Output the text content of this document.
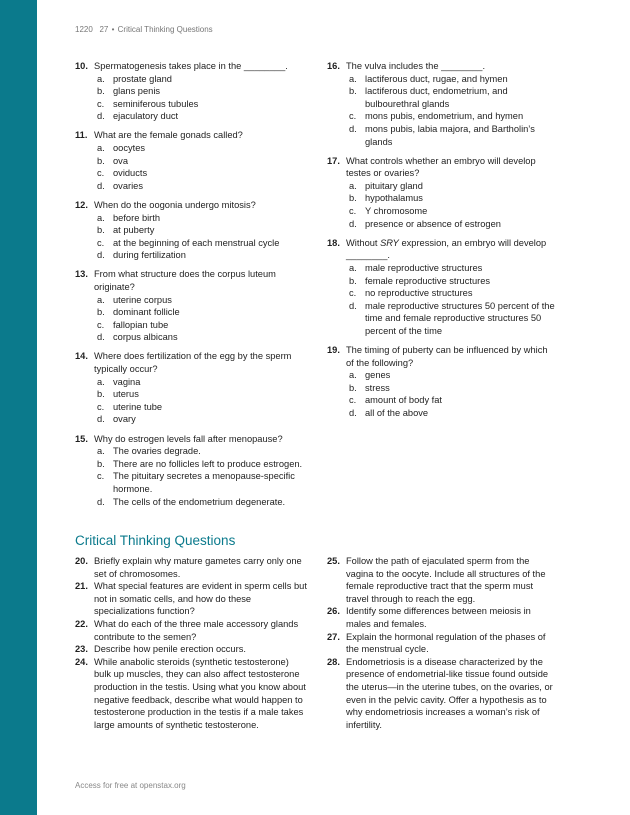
1220 27 • Critical Thinking Questions
10. Spermatogenesis takes place in the ________.
a. prostate gland
b. glans penis
c. seminiferous tubules
d. ejaculatory duct
11. What are the female gonads called?
a. oocytes
b. ova
c. oviducts
d. ovaries
12. When do the oogonia undergo mitosis?
a. before birth
b. at puberty
c. at the beginning of each menstrual cycle
d. during fertilization
13. From what structure does the corpus luteum originate?
a. uterine corpus
b. dominant follicle
c. fallopian tube
d. corpus albicans
14. Where does fertilization of the egg by the sperm typically occur?
a. vagina
b. uterus
c. uterine tube
d. ovary
15. Why do estrogen levels fall after menopause?
a. The ovaries degrade.
b. There are no follicles left to produce estrogen.
c. The pituitary secretes a menopause-specific hormone.
d. The cells of the endometrium degenerate.
16. The vulva includes the ________.
a. lactiferous duct, rugae, and hymen
b. lactiferous duct, endometrium, and bulbourethral glands
c. mons pubis, endometrium, and hymen
d. mons pubis, labia majora, and Bartholin’s glands
17. What controls whether an embryo will develop testes or ovaries?
a. pituitary gland
b. hypothalamus
c. Y chromosome
d. presence or absence of estrogen
18. Without SRY expression, an embryo will develop ________.
a. male reproductive structures
b. female reproductive structures
c. no reproductive structures
d. male reproductive structures 50 percent of the time and female reproductive structures 50 percent of the time
19. The timing of puberty can be influenced by which of the following?
a. genes
b. stress
c. amount of body fat
d. all of the above
Critical Thinking Questions
20. Briefly explain why mature gametes carry only one set of chromosomes.
21. What special features are evident in sperm cells but not in somatic cells, and how do these specializations function?
22. What do each of the three male accessory glands contribute to the semen?
23. Describe how penile erection occurs.
24. While anabolic steroids (synthetic testosterone) bulk up muscles, they can also affect testosterone production in the testis. Using what you know about negative feedback, describe what would happen to testosterone production in the testis if a male takes large amounts of synthetic testosterone.
25. Follow the path of ejaculated sperm from the vagina to the oocyte. Include all structures of the female reproductive tract that the sperm must travel through to reach the egg.
26. Identify some differences between meiosis in males and females.
27. Explain the hormonal regulation of the phases of the menstrual cycle.
28. Endometriosis is a disease characterized by the presence of endometrial-like tissue found outside the uterus—in the uterine tubes, on the ovaries, or even in the pelvic cavity. Offer a hypothesis as to why endometriosis increases a woman’s risk of infertility.
Access for free at openstax.org
